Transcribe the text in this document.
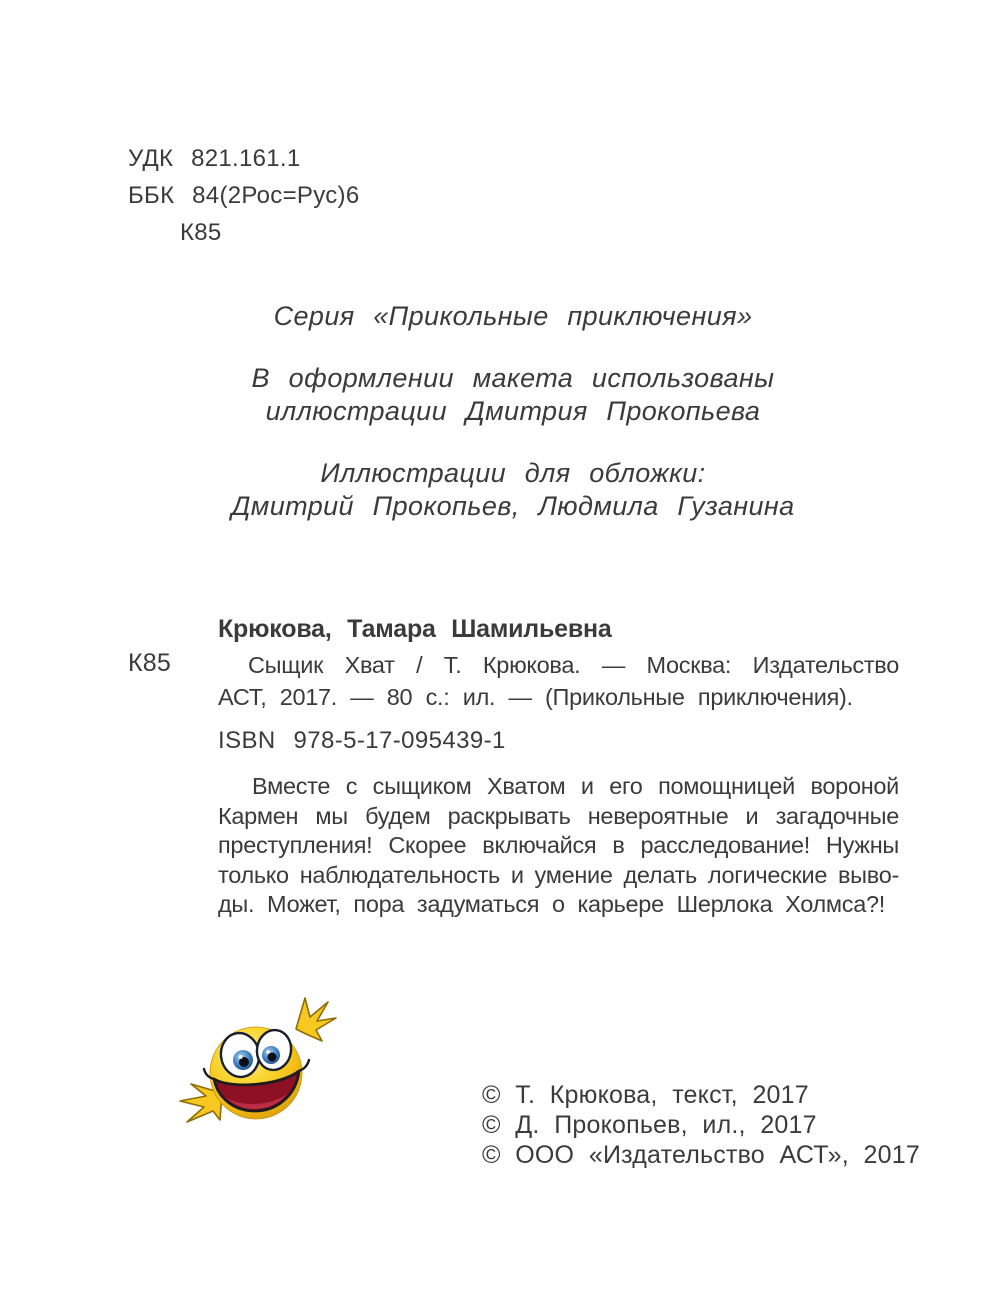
УДК 821.161.1
ББК 84(2Рос=Рус)6
К85
Серия «Прикольные приключения»
В оформлении макета использованы
иллюстрации Дмитрия Прокопьева
Иллюстрации для обложки:
Дмитрий Прокопьев, Людмила Гузанина
Крюкова, Тамара Шамильевна
К85	Сыщик Хват / Т. Крюкова. — Москва: Издательство
АСТ, 2017. — 80 с.: ил. — (Прикольные приключения).
ISBN 978-5-17-095439-1
Вместе с сыщиком Хватом и его помощницей вороной
Кармен мы будем раскрывать невероятные и загадочные
преступления! Скорее включайся в расследование! Нужны
только наблюдательность и умение делать логические выво-
ды. Может, пора задуматься о карьере Шерлока Холмса?!
© Т. Крюкова, текст, 2017
© Д. Прокопьев, ил., 2017
© ООО «Издательство АСТ», 2017
